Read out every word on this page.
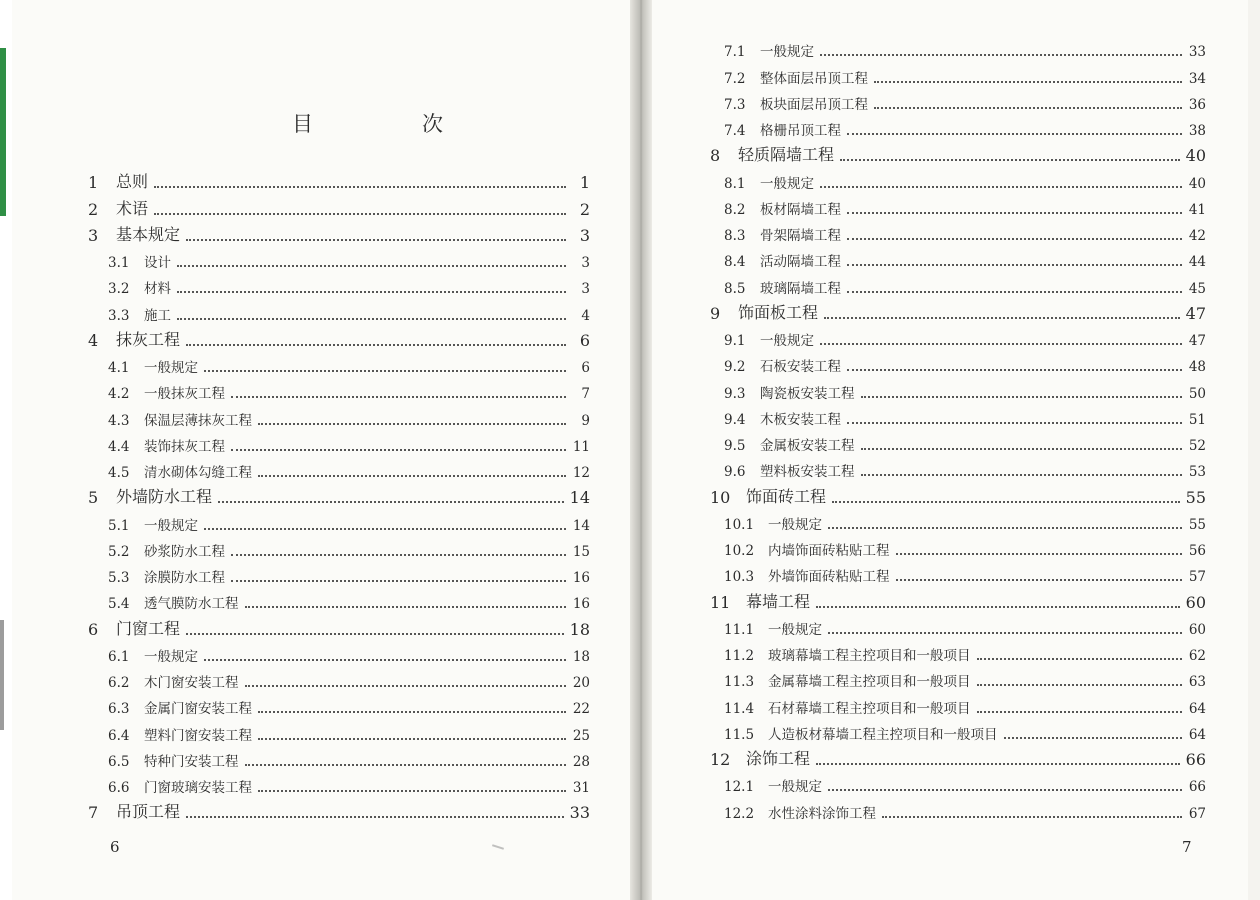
目　次
1	总则	1
2	术语	2
3	基本规定	3
3.1	设计	3
3.2	材料	3
3.3	施工	4
4	抹灰工程	6
4.1	一般规定	6
4.2	一般抹灰工程	7
4.3	保温层薄抹灰工程	9
4.4	装饰抹灰工程	11
4.5	清水砌体勾缝工程	12
5	外墙防水工程	14
5.1	一般规定	14
5.2	砂浆防水工程	15
5.3	涂膜防水工程	16
5.4	透气膜防水工程	16
6	门窗工程	18
6.1	一般规定	18
6.2	木门窗安装工程	20
6.3	金属门窗安装工程	22
6.4	塑料门窗安装工程	25
6.5	特种门安装工程	28
6.6	门窗玻璃安装工程	31
7	吊顶工程	33
7.1	一般规定	33
7.2	整体面层吊顶工程	34
7.3	板块面层吊顶工程	36
7.4	格栅吊顶工程	38
8	轻质隔墙工程	40
8.1	一般规定	40
8.2	板材隔墙工程	41
8.3	骨架隔墙工程	42
8.4	活动隔墙工程	44
8.5	玻璃隔墙工程	45
9	饰面板工程	47
9.1	一般规定	47
9.2	石板安装工程	48
9.3	陶瓷板安装工程	50
9.4	木板安装工程	51
9.5	金属板安装工程	52
9.6	塑料板安装工程	53
10 饰面砖工程	55
10.1	一般规定	55
10.2	内墙饰面砖粘贴工程	56
10.3	外墙饰面砖粘贴工程	57
11 幕墙工程	60
11.1	一般规定	60
11.2	玻璃幕墙工程主控项目和一般项目	62
11.3	金属幕墙工程主控项目和一般项目	63
11.4	石材幕墙工程主控项目和一般项目	64
11.5	人造板材幕墙工程主控项目和一般项目	64
12 涂饰工程	66
12.1	一般规定	66
12.2	水性涂料涂饰工程	67
6	7
